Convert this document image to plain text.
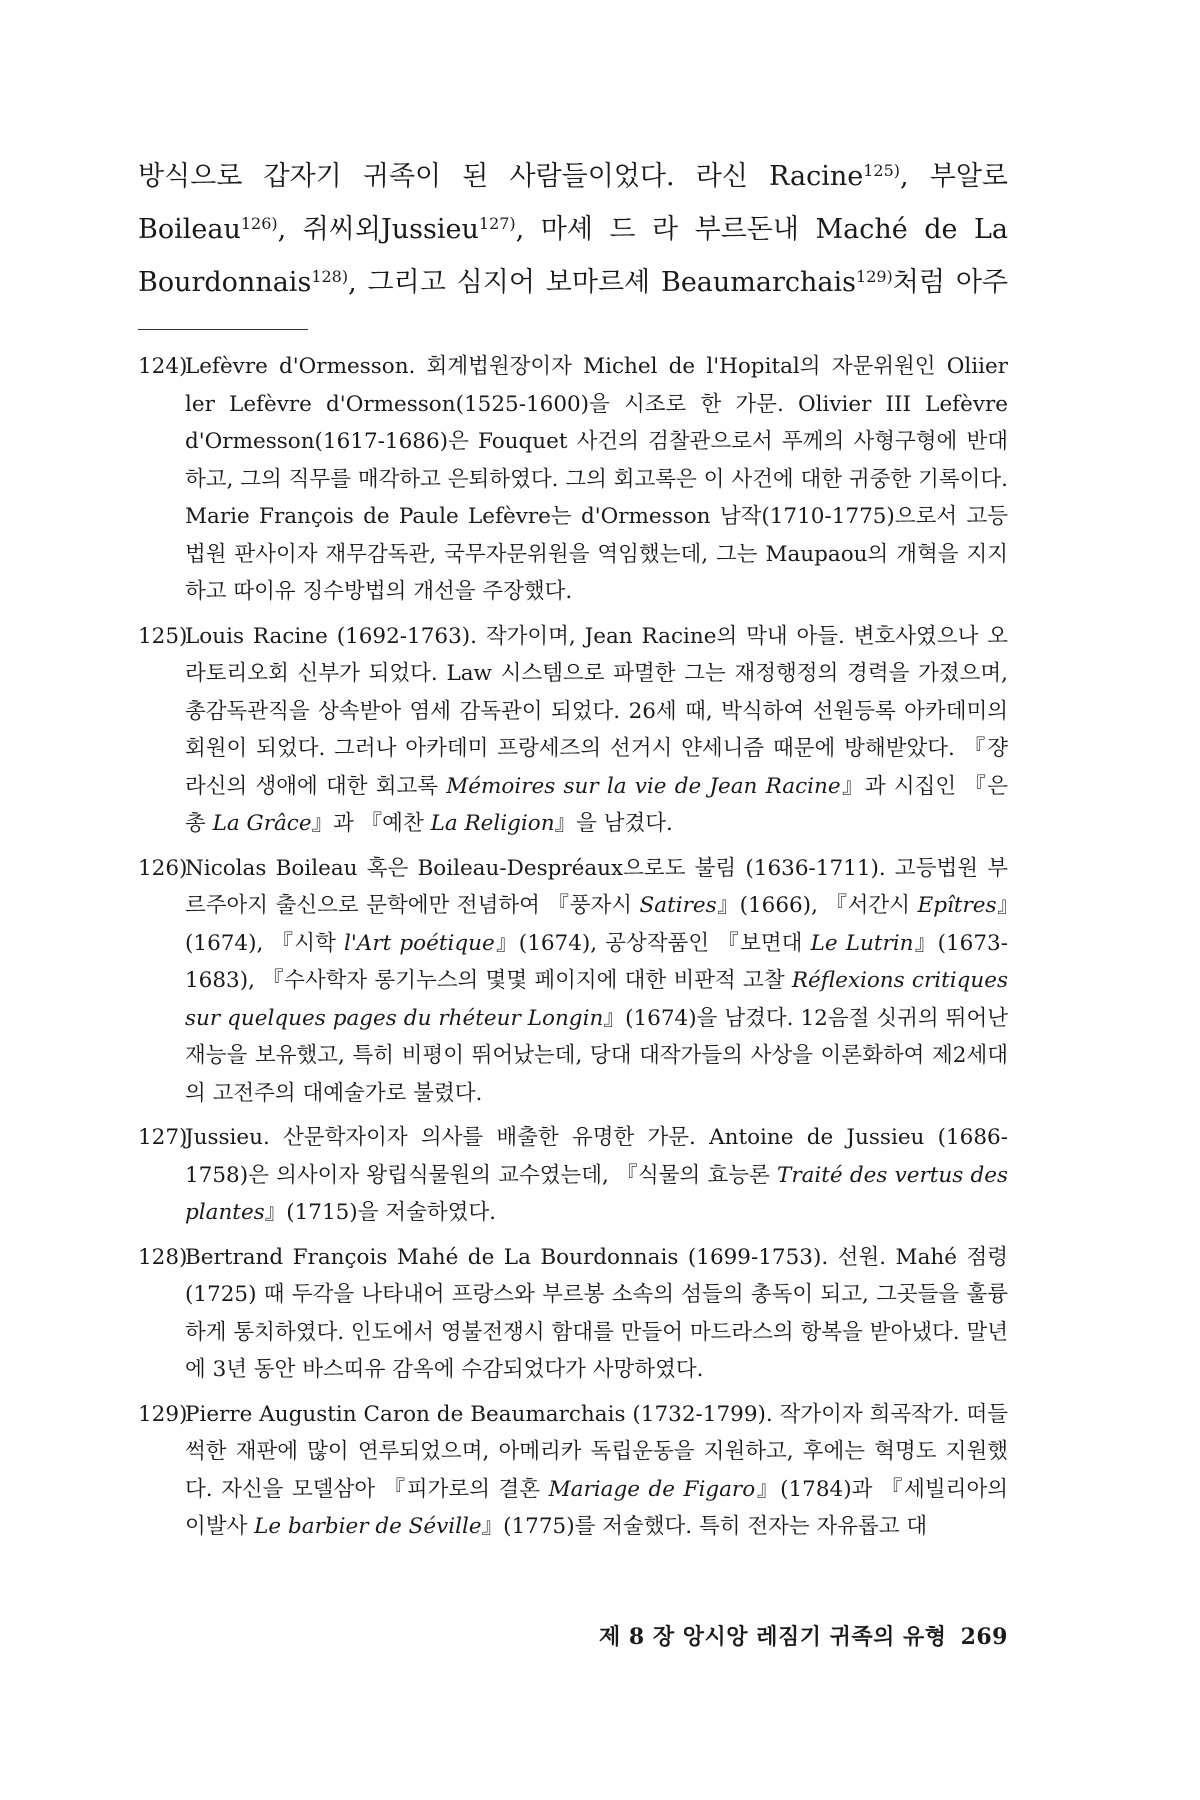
방식으로 갑자기 귀족이 된 사람들이었다. 라신 Racine$^{125)}$, 부알로
Boileau$^{126)}$, 쥐씨외Jussieu$^{127)}$, 마셰 드 라 부르돈내 Maché de La
Bourdonnais$^{128)}$, 그리고 심지어 보마르셰 Beaumarchais$^{129)}$처럼 아주

124)Lefèvre d'Ormesson. 회계법원장이자 Michel de l'Hopital의 자문위원인 Oliier ler Lefèvre d'Ormesson(1525-1600)을 시조로 한 가문. Olivier III Lefèvre d'Ormesson(1617-1686)은 Fouquet 사건의 검찰관으로서 푸께의 사형구형에 반대하고, 그의 직무를 매각하고 은퇴하였다. 그의 회고록은 이 사건에 대한 귀중한 기록이다. Marie François de Paule Lefèvre는 d'Ormesson 남작(1710-1775)으로서 고등법원 판사이자 재무감독관, 국무자문위원을 역임했는데, 그는 Maupaou의 개혁을 지지하고 따이유 징수방법의 개선을 주장했다.

125)Louis Racine (1692-1763). 작가이며, Jean Racine의 막내 아들. 변호사였으나 오라토리오회 신부가 되었다. Law 시스템으로 파멸한 그는 재정행정의 경력을 가졌으며, 총감독관직을 상속받아 염세 감독관이 되었다. 26세 때, 박식하여 선원등록 아카데미의 회원이 되었다. 그러나 아카데미 프랑세즈의 선거시 얀세니즘 때문에 방해받았다. 『쟝 라신의 생애에 대한 회고록 Mémoires sur la vie de Jean Racine』과 시집인 『은총 La Grâce』과 『예찬 La Religion』을 남겼다.

126)Nicolas Boileau 혹은 Boileau-Despréaux으로도 불림 (1636-1711). 고등법원 부르주아지 출신으로 문학에만 전념하여 『풍자시 Satires』(1666), 『서간시 Epîtres』(1674), 『시학 l'Art poétique』(1674), 공상작품인 『보면대 Le Lutrin』(1673-1683), 『수사학자 롱기누스의 몇몇 페이지에 대한 비판적 고찰 Réflexions critiques sur quelques pages du rhéteur Longin』(1674)을 남겼다. 12음절 싯귀의 뛰어난 재능을 보유했고, 특히 비평이 뛰어났는데, 당대 대작가들의 사상을 이론화하여 제2세대의 고전주의 대예술가로 불렸다.

127)Jussieu. 산문학자이자 의사를 배출한 유명한 가문. Antoine de Jussieu (1686-1758)은 의사이자 왕립식물원의 교수였는데, 『식물의 효능론 Traité des vertus des plantes』(1715)을 저술하였다.

128)Bertrand François Mahé de La Bourdonnais (1699-1753). 선원. Mahé 점령(1725) 때 두각을 나타내어 프랑스와 부르봉 소속의 섬들의 총독이 되고, 그곳들을 훌륭하게 통치하였다. 인도에서 영불전쟁시 함대를 만들어 마드라스의 항복을 받아냈다. 말년에 3년 동안 바스띠유 감옥에 수감되었다가 사망하였다.

129)Pierre Augustin Caron de Beaumarchais (1732-1799). 작가이자 희곡작가. 떠들썩한 재판에 많이 연루되었으며, 아메리카 독립운동을 지원하고, 후에는 혁명도 지원했다. 자신을 모델삼아 『피가로의 결혼 Mariage de Figaro』(1784)과 『세빌리아의 이발사 Le barbier de Séville』(1775)를 저술했다. 특히 전자는 자유롭고 대

제 8 장 앙시앙 레짐기 귀족의 유형 269
